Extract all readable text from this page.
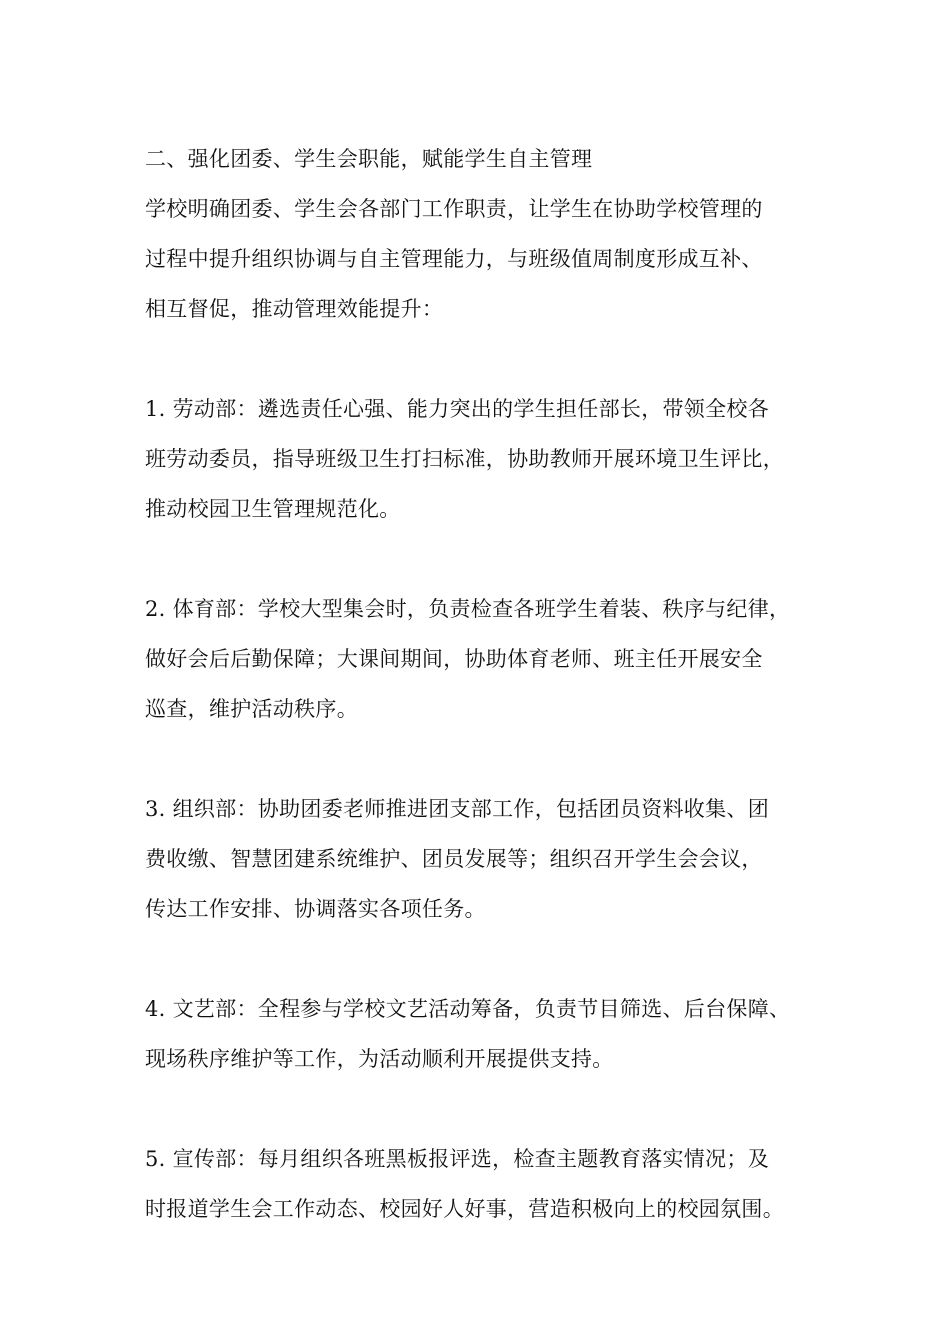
二、强化团委、学生会职能，赋能学生自主管理
学校明确团委、学生会各部门工作职责，让学生在协助学校管理的
过程中提升组织协调与自主管理能力，与班级值周制度形成互补、
相互督促，推动管理效能提升：
1. 劳动部：遴选责任心强、能力突出的学生担任部长，带领全校各
班劳动委员，指导班级卫生打扫标准，协助教师开展环境卫生评比，
推动校园卫生管理规范化。
2. 体育部：学校大型集会时，负责检查各班学生着装、秩序与纪律，
做好会后后勤保障；大课间期间，协助体育老师、班主任开展安全
巡查，维护活动秩序。
3. 组织部：协助团委老师推进团支部工作，包括团员资料收集、团
费收缴、智慧团建系统维护、团员发展等；组织召开学生会会议，
传达工作安排、协调落实各项任务。
4. 文艺部：全程参与学校文艺活动筹备，负责节目筛选、后台保障、
现场秩序维护等工作，为活动顺利开展提供支持。
5. 宣传部：每月组织各班黑板报评选，检查主题教育落实情况；及
时报道学生会工作动态、校园好人好事，营造积极向上的校园氛围。
